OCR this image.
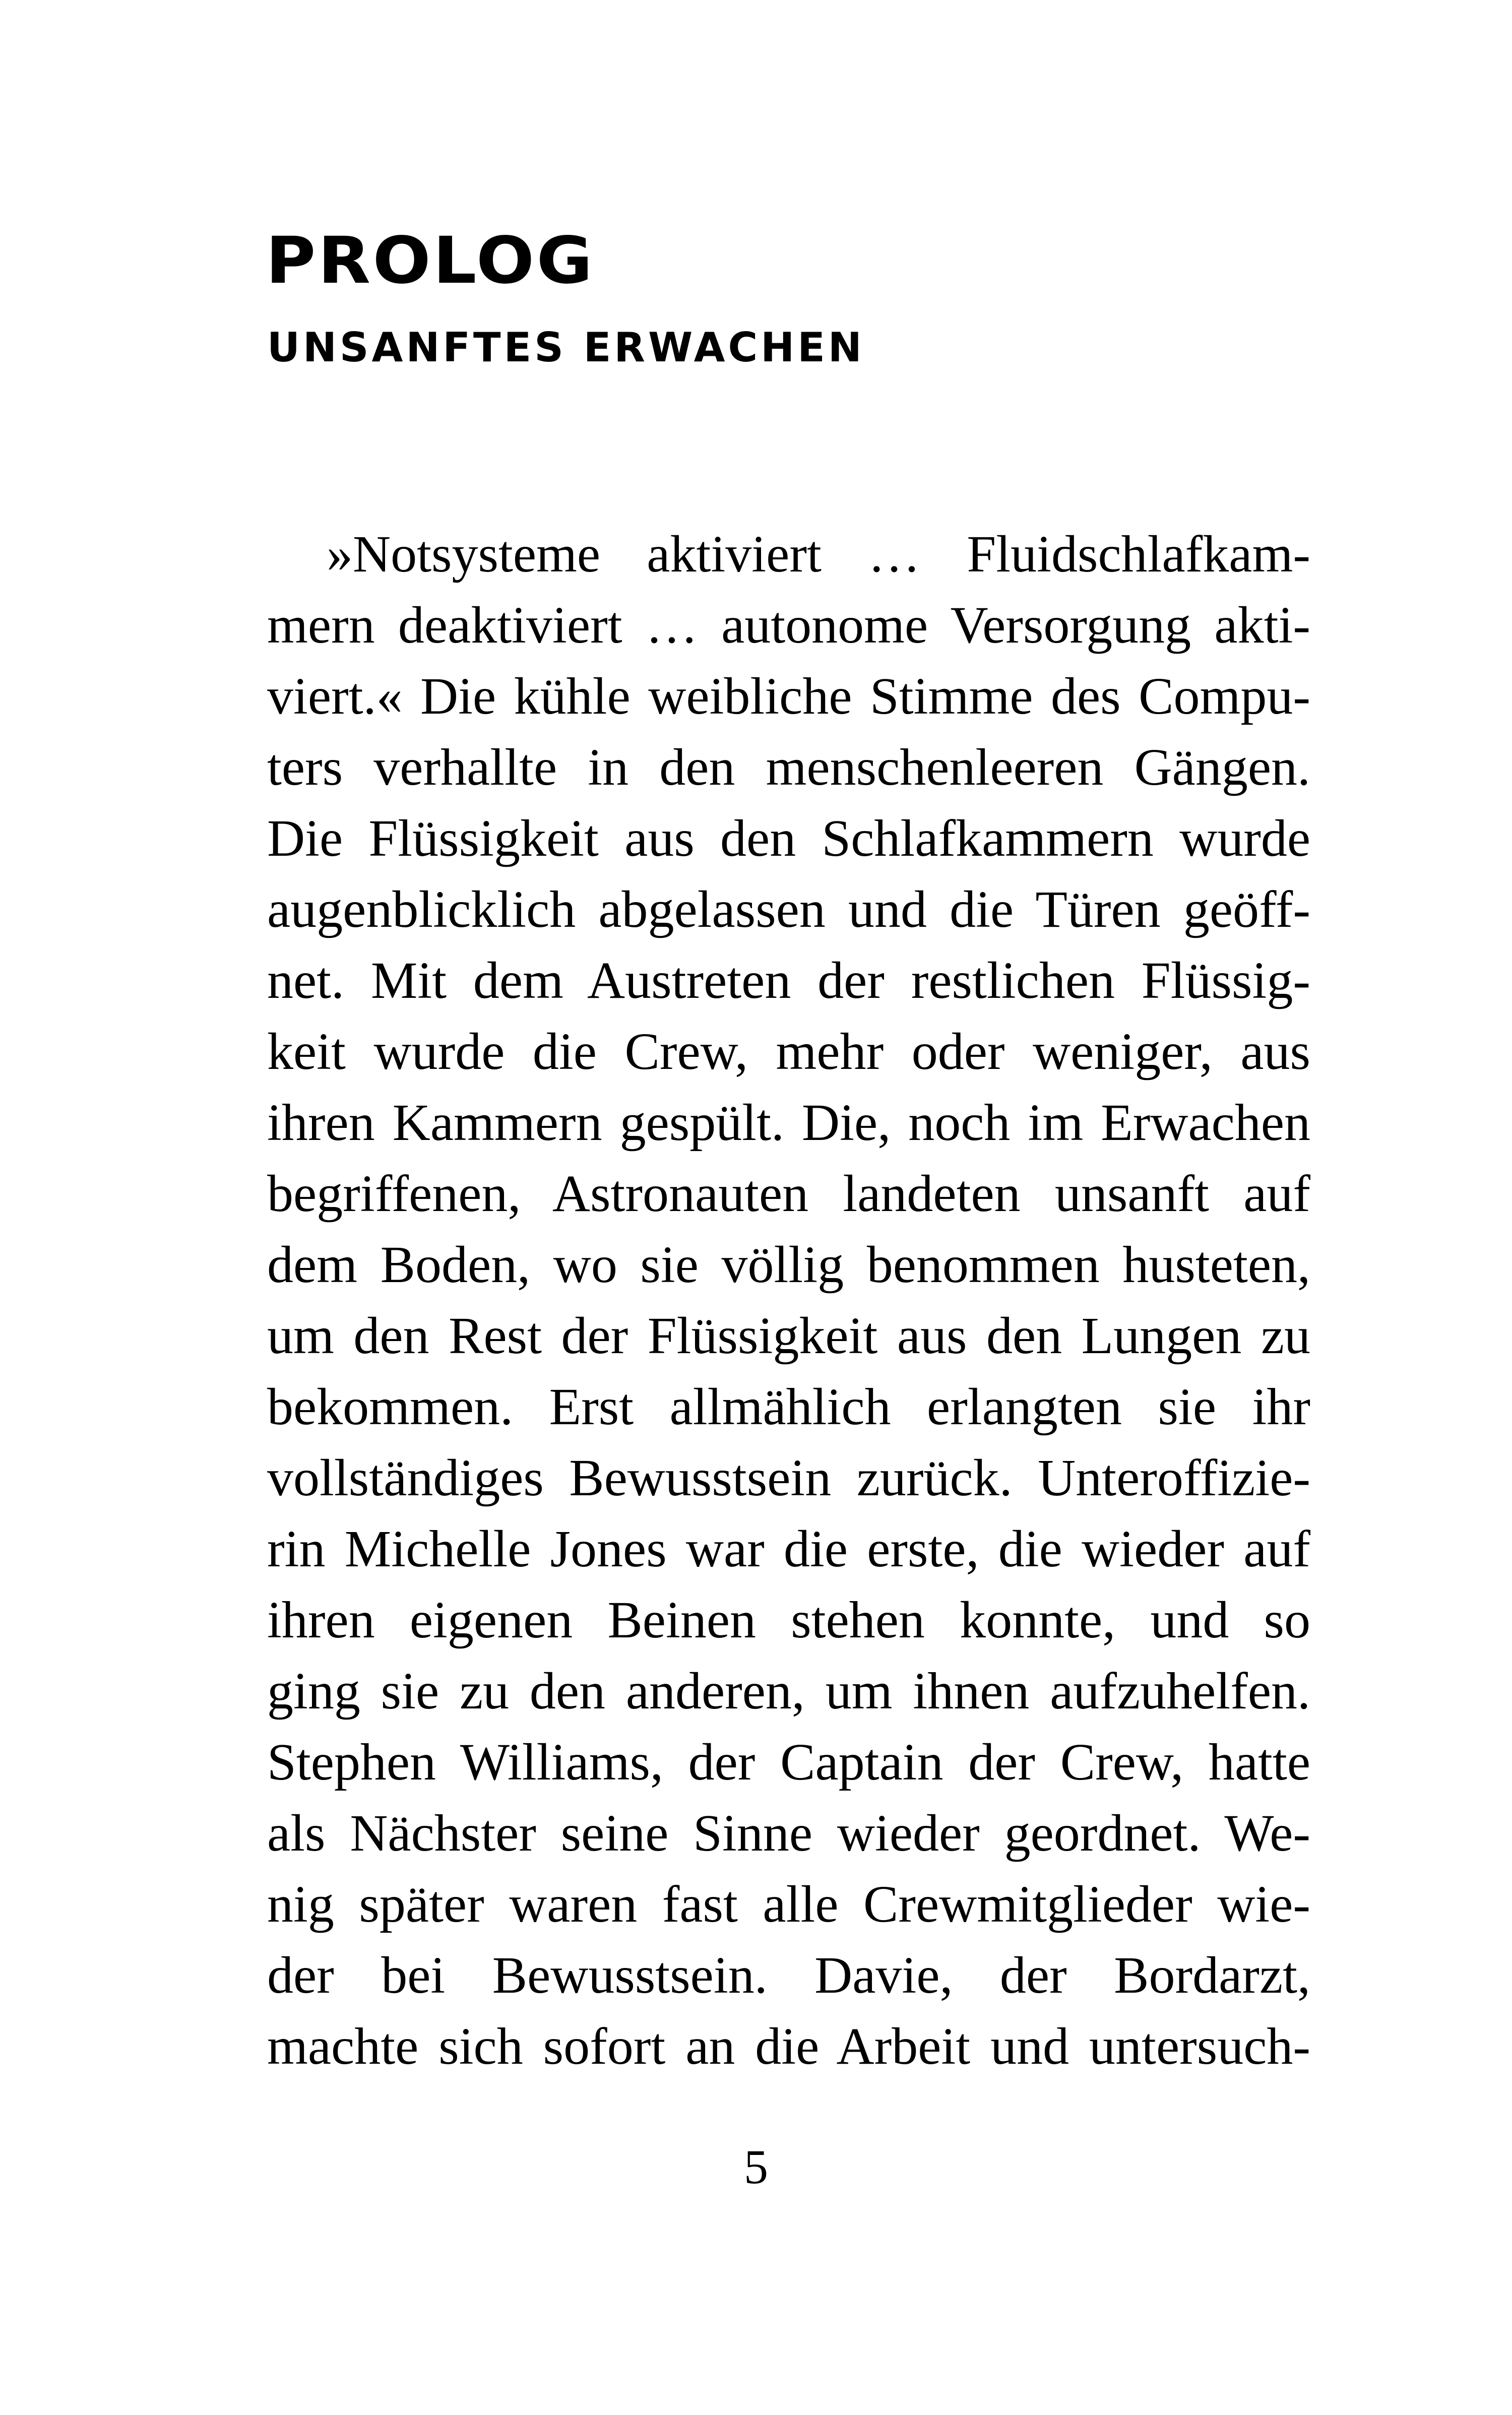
PROLOG
UNSANFTES ERWACHEN
»Notsysteme aktiviert … Fluidschlafkam-
mern deaktiviert … autonome Versorgung akti-
viert.« Die kühle weibliche Stimme des Compu-
ters verhallte in den menschenleeren Gängen.
Die Flüssigkeit aus den Schlafkammern wurde
augenblicklich abgelassen und die Türen geöff-
net. Mit dem Austreten der restlichen Flüssig-
keit wurde die Crew, mehr oder weniger, aus
ihren Kammern gespült. Die, noch im Erwachen
begriffenen, Astronauten landeten unsanft auf
dem Boden, wo sie völlig benommen husteten,
um den Rest der Flüssigkeit aus den Lungen zu
bekommen. Erst allmählich erlangten sie ihr
vollständiges Bewusstsein zurück. Unteroffizie-
rin Michelle Jones war die erste, die wieder auf
ihren eigenen Beinen stehen konnte, und so
ging sie zu den anderen, um ihnen aufzuhelfen.
Stephen Williams, der Captain der Crew, hatte
als Nächster seine Sinne wieder geordnet. We-
nig später waren fast alle Crewmitglieder wie-
der bei Bewusstsein. Davie, der Bordarzt,
machte sich sofort an die Arbeit und untersuch-

5
